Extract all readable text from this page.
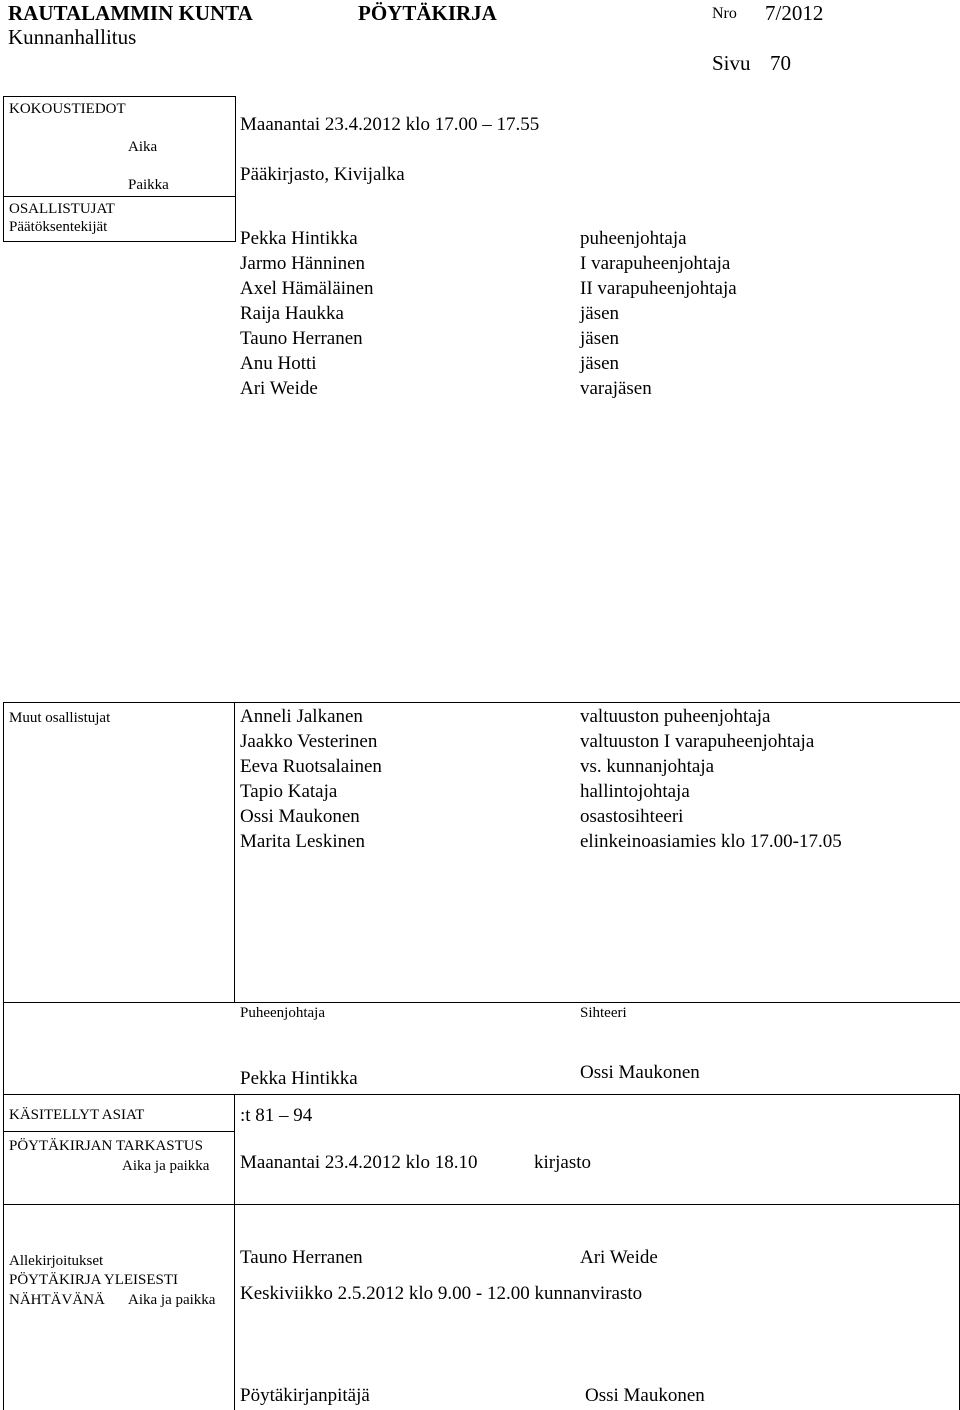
RAUTALAMMIN KUNTA	PÖYTÄKIRJA	Nro 7/2012
Kunnanhallitus
Sivu 70
KOKOUSTIEDOT
Aika
Maanantai 23.4.2012 klo 17.00 – 17.55
Paikka	Pääkirjasto, Kivijalka
OSALLISTUJAT
Päätöksentekijät
Pekka Hintikka	puheenjohtaja
Jarmo Hänninen	I varapuheenjohtaja
Axel Hämäläinen	II varapuheenjohtaja
Raija Haukka	jäsen
Tauno Herranen	jäsen
Anu Hotti	jäsen
Ari Weide	varajäsen
Muut osallistujat	Anneli Jalkanen	valtuuston puheenjohtaja
Jaakko Vesterinen	valtuuston I varapuheenjohtaja
Eeva Ruotsalainen	vs. kunnanjohtaja
Tapio Kataja	hallintojohtaja
Ossi Maukonen	osastosihteeri
Marita Leskinen	elinkeinoasiamies klo 17.00-17.05
Puheenjohtaja	Sihteeri
Pekka Hintikka	Ossi Maukonen
KÄSITELLYT ASIAT	:t 81 – 94
PÖYTÄKIRJAN TARKASTUS
Aika ja paikka Maanantai 23.4.2012 klo 18.10	kirjasto
Allekirjoitukset	Tauno Herranen	Ari Weide
PÖYTÄKIRJA YLEISESTI
NÄHTÄVÄNÄ Aika ja paikka Keskiviikko 2.5.2012 klo 9.00 - 12.00 kunnanvirasto
Pöytäkirjanpitäjä	Ossi Maukonen
